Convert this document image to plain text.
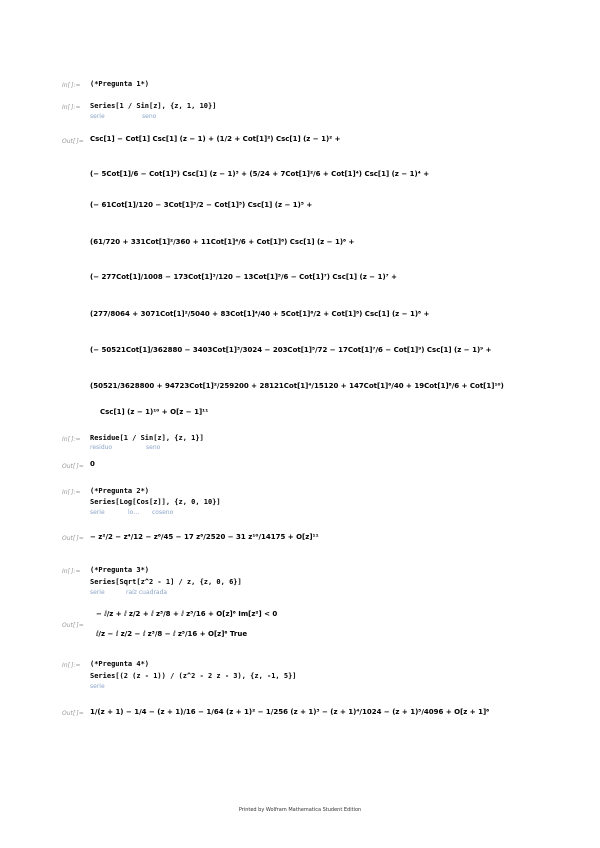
In[ ]:= (*Pregunta 1*)
In[ ]:= Series[1 / Sin[z], {z, 1, 10}]
serie	seno
Out[ ]= Csc[1] − Cot[1] Csc[1] (z − 1) + (1/2 + Cot[1]²) Csc[1] (z − 1)² +
(− 5Cot[1]/6 − Cot[1]³) Csc[1] (z − 1)³ + (5/24 + 7Cot[1]²/6 + Cot[1]⁴) Csc[1] (z − 1)⁴ +
(− 61Cot[1]/120 − 3Cot[1]³/2 − Cot[1]⁵) Csc[1] (z − 1)⁵ +
(61/720 + 331Cot[1]²/360 + 11Cot[1]⁴/6 + Cot[1]⁶) Csc[1] (z − 1)⁶ +
(− 277Cot[1]/1008 − 173Cot[1]³/120 − 13Cot[1]⁵/6 − Cot[1]⁷) Csc[1] (z − 1)⁷ +
(277/8064 + 3071Cot[1]²/5040 + 83Cot[1]⁴/40 + 5Cot[1]⁶/2 + Cot[1]⁸) Csc[1] (z − 1)⁸ +
(− 50521Cot[1]/362880 − 3403Cot[1]³/3024 − 203Cot[1]⁵/72 − 17Cot[1]⁷/6 − Cot[1]⁹) Csc[1] (z − 1)⁹ +
(50521/3628800 + 94723Cot[1]²/259200 + 28121Cot[1]⁴/15120 + 147Cot[1]⁶/40 + 19Cot[1]⁸/6 + Cot[1]¹⁰)
Csc[1] (z − 1)¹⁰ + O[z − 1]¹¹
In[ ]:= Residue[1 / Sin[z], {z, 1}]
residuo	seno
Out[ ]= 0
In[ ]:= (*Pregunta 2*)
Series[Log[Cos[z]], {z, 0, 10}]
serie	lo… coseno
Out[ ]= − z²/2 − z⁴/12 − z⁶/45 − 17 z⁸/2520 − 31 z¹⁰/14175 + O[z]¹¹
In[ ]:= (*Pregunta 3*)
Series[Sqrt[z^2 - 1] / z, {z, 0, 6}]
serie	raíz cuadrada
Out[ ]=
− ⅈ/z + ⅈ z/2 + ⅈ z³/8 + ⅈ z⁵/16 + O[z]⁶ Im[z²] < 0
ⅈ/z − ⅈ z/2 − ⅈ z³/8 − ⅈ z⁵/16 + O[z]⁶ True
In[ ]:= (*Pregunta 4*)
Series[(2 (z - 1)) / (z^2 - 2 z - 3), {z, -1, 5}]
serie
Out[ ]= 1/(z + 1) − 1/4 − (z + 1)/16 − 1/64 (z + 1)² − 1/256 (z + 1)³ − (z + 1)⁴/1024 − (z + 1)⁵/4096 + O[z + 1]⁶
Printed by Wolfram Mathematica Student Edition
